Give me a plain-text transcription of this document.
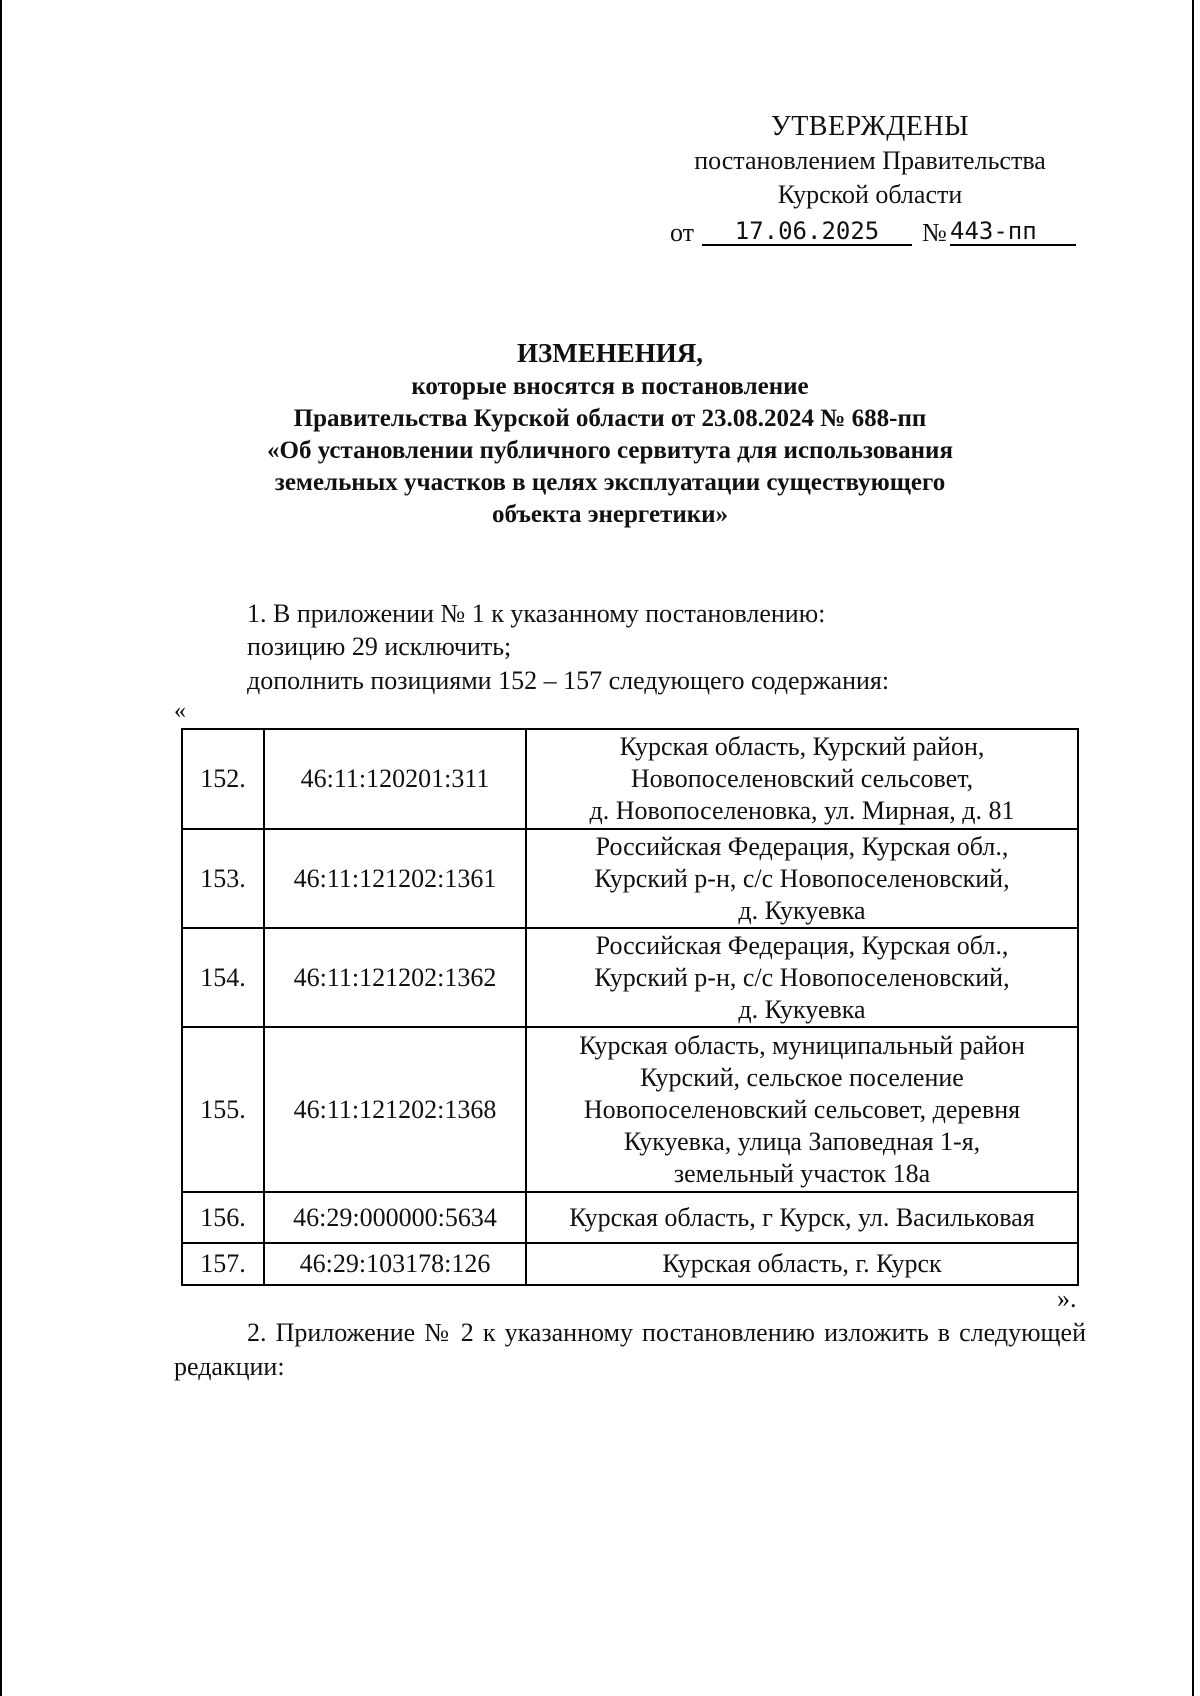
УТВЕРЖДЕНЫ
постановлением Правительства
Курской области
от	17.06.2025	№ 443-пп
ИЗМЕНЕНИЯ,
которые вносятся в постановление
Правительства Курской области от 23.08.2024 № 688-пп
«Об установлении публичного сервитута для использования
земельных участков в целях эксплуатации существующего
объекта энергетики»
1. В приложении № 1 к указанному постановлению:
позицию 29 исключить;
дополнить позициями 152 – 157 следующего содержания:
«
152.	46:11:120201:311	Курская область, Курский район,
Новопоселеновский сельсовет,
д. Новопоселеновка, ул. Мирная, д. 81

153.	46:11:121202:1361	Российская Федерация, Курская обл.,
Курский р-н, с/с Новопоселеновский,
д. Кукуевка

154.	46:11:121202:1362	Российская Федерация, Курская обл.,
Курский р-н, с/с Новопоселеновский,
д. Кукуевка

155.	46:11:121202:1368	Курская область, муниципальный район
Курский, сельское поселение
Новопоселеновский сельсовет, деревня
Кукуевка, улица Заповедная 1-я,
земельный участок 18а

156.	46:29:000000:5634	Курская область, г Курск, ул. Васильковая

157.	46:29:103178:126	Курская область, г. Курск
».
2. Приложение № 2 к указанному постановлению изложить в следующей редакции:
